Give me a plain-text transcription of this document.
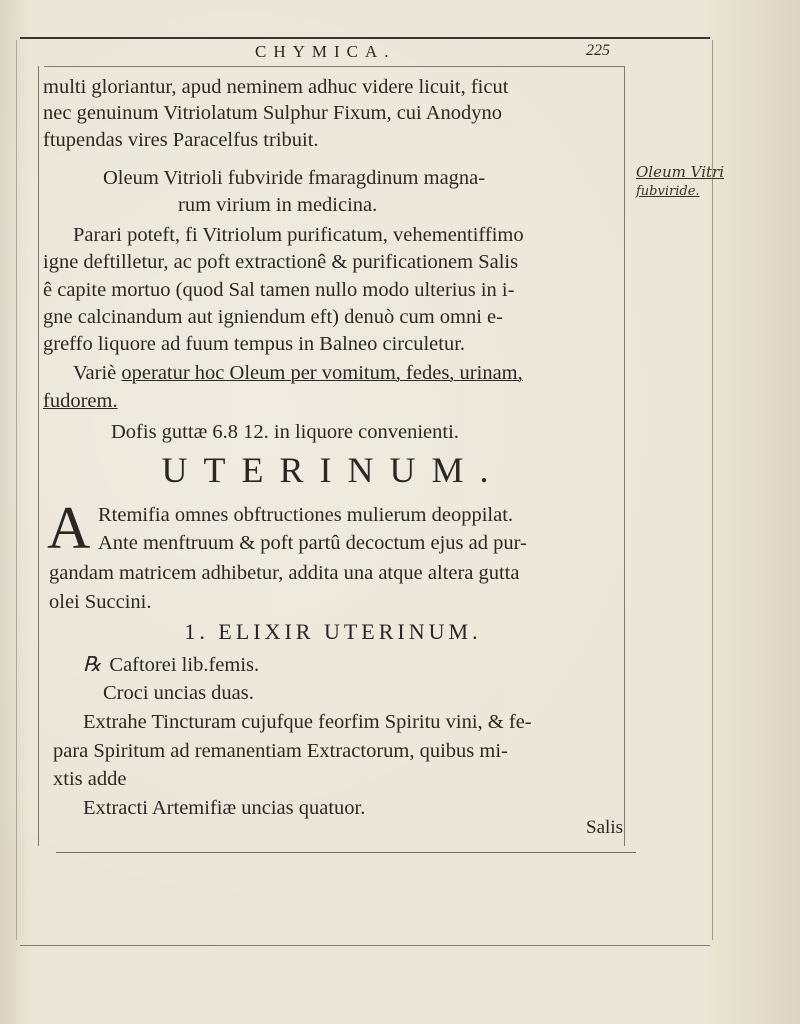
CHYMICA.	225
multi gloriantur, apud neminem adhuc videre licuit, ficut
nec genuinum Vitriolatum Sulphur Fixum, cui Anodyno
ftupendas vires Paracelfus tribuit.
Oleum Vitrioli fubviride fmaragdinum magna-
rum virium in medicina.
Parari poteft, fi Vitriolum purificatum, vehementiffimo
igne deftilletur, ac poft extractionê & purificationem Salis
ê capite mortuo (quod Sal tamen nullo modo ulterius in i-
gne calcinandum aut igniendum eft) denuò cum omni e-
greffo liquore ad fuum tempus in Balneo circuletur.
Variè operatur hoc Oleum per vomitum, fedes, urinam,
fudorem.
Dofis guttæ 6.8 12. in liquore convenienti.
UTERINUM.
A Rtemifia omnes obftructiones mulierum deoppilat.
Ante menftruum & poft partû decoctum ejus ad pur-
gandam matricem adhibetur, addita una atque altera gutta
olei Succini.
1. ELIXIR UTERINUM.
℞ Caftorei lib.femis.
Croci uncias duas.
Extrahe Tincturam cujufque feorfim Spiritu vini, & fe-
para Spiritum ad remanentiam Extractorum, quibus mi-
xtis adde
Extracti Artemifiæ uncias quatuor.
Salis
Oleum Vitri
fubviride.
